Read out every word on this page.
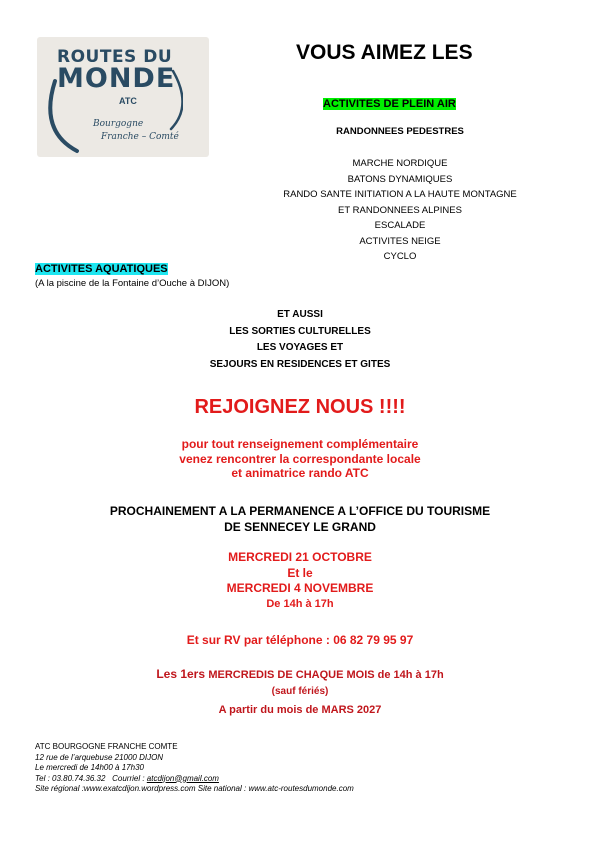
ROUTES DU
MONDE
ATC
Bourgogne
Franche – Comté
VOUS AIMEZ LES
ACTIVITES DE PLEIN AIR
RANDONNEES PEDESTRES
MARCHE NORDIQUE
BATONS DYNAMIQUES
RANDO SANTE INITIATION A LA HAUTE MONTAGNE
ET RANDONNEES ALPINES
ESCALADE
ACTIVITES NEIGE
CYCLO
ACTIVITES AQUATIQUES
(A la piscine de la Fontaine d’Ouche à DIJON)
ET AUSSI
LES SORTIES CULTURELLES
LES VOYAGES ET
SEJOURS EN RESIDENCES ET GITES
REJOIGNEZ NOUS !!!!
pour tout renseignement complémentaire
venez rencontrer la correspondante locale
et animatrice rando ATC
PROCHAINEMENT A LA PERMANENCE A L’OFFICE DU TOURISME
DE SENNECEY LE GRAND
MERCREDI 21 OCTOBRE
Et le
MERCREDI 4 NOVEMBRE
De 14h à 17h
Et sur RV par téléphone : 06 82 79 95 97
Les 1ers MERCREDIS DE CHAQUE MOIS de 14h à 17h
(sauf fériés)
A partir du mois de MARS 2027
ATC BOURGOGNE FRANCHE COMTE
12 rue de l’arquebuse 21000 DIJON
Le mercredi de 14h00 à 17h30
Tel : 03.80.74.36.32 Courriel : atcdijon@gmail.com
Site régional :www.exatcdijon.wordpress.com Site national : www.atc-routesdumonde.com
